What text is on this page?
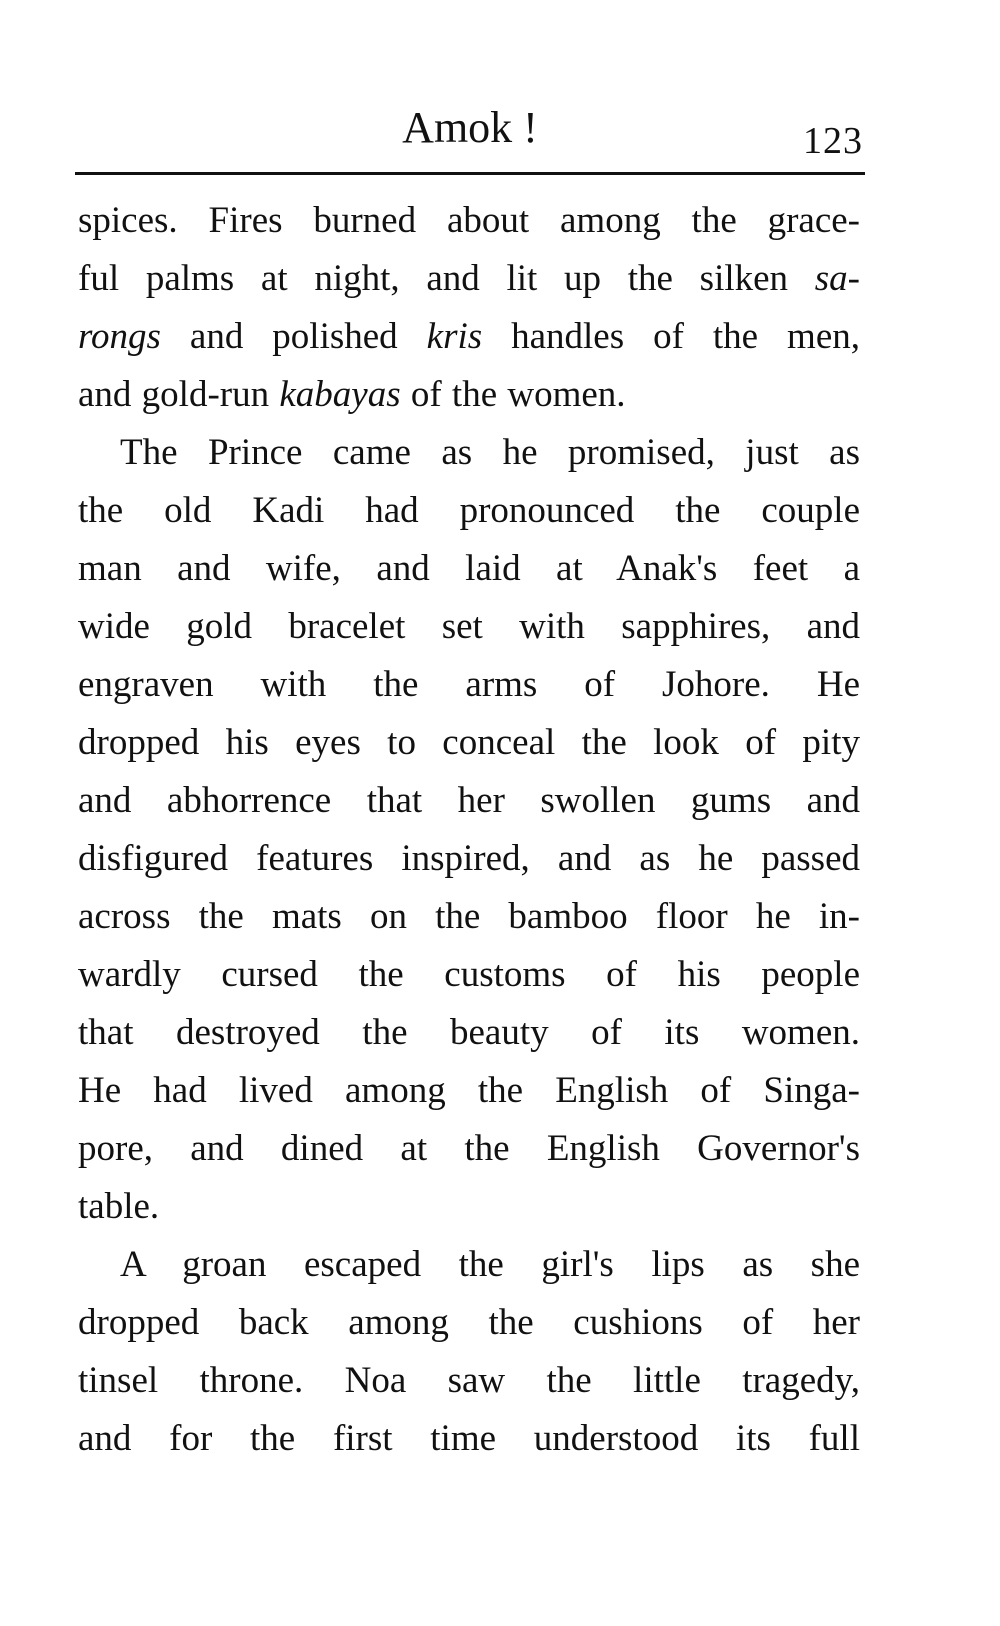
Amok !	123
spices. Fires burned about among the grace-
ful palms at night, and lit up the silken sa-
rongs and polished kris handles of the men,
and gold-run kabayas of the women.
The Prince came as he promised, just as
the old Kadi had pronounced the couple
man and wife, and laid at Anak's feet a
wide gold bracelet set with sapphires, and
engraven with the arms of Johore. He
dropped his eyes to conceal the look of pity
and abhorrence that her swollen gums and
disfigured features inspired, and as he passed
across the mats on the bamboo floor he in-
wardly cursed the customs of his people
that destroyed the beauty of its women.
He had lived among the English of Singa-
pore, and dined at the English Governor's
table.
A groan escaped the girl's lips as she
dropped back among the cushions of her
tinsel throne. Noa saw the little tragedy,
and for the first time understood its full
